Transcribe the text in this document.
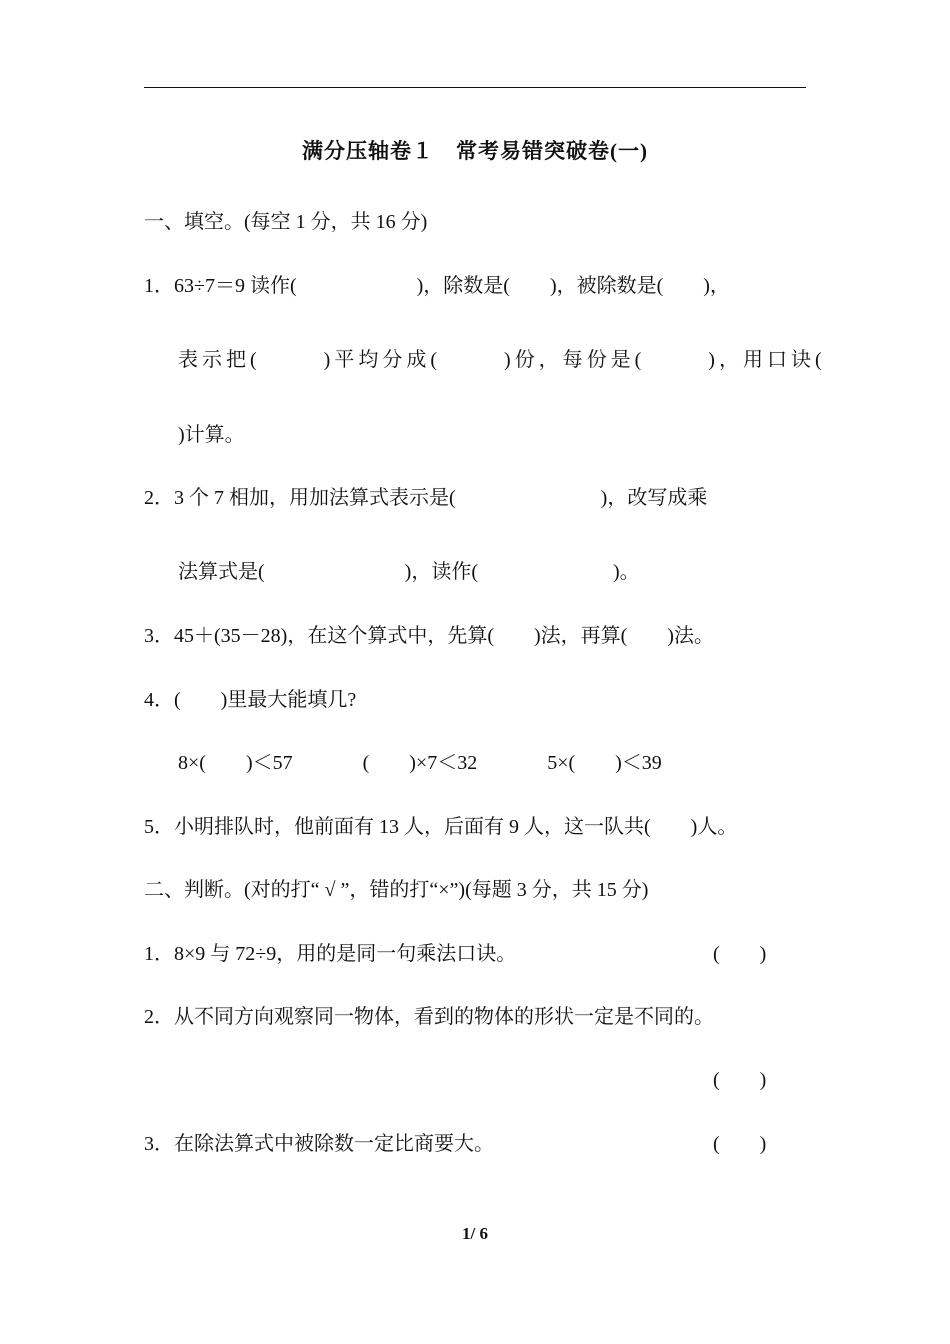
满分压轴卷１　常考易错突破卷(一)
一、填空。(每空 1 分，共 16 分)
1．63÷7＝9 读作(                        )，除数是(        )，被除数是(        )，
表示把(       )平均分成(       )份，每份是(       )，用口诀(
)计算。
2．3 个 7 相加，用加法算式表示是(                             )，改写成乘
法算式是(                            )，读作(                           )。
3．45＋(35－28)，在这个算式中，先算(        )法，再算(        )法。
4．(        )里最大能填几?
8×(        )＜57              (        )×7＜32              5×(        )＜39
5．小明排队时，他前面有 13 人，后面有 9 人，这一队共(        )人。
二、判断。(对的打“ √ ”，错的打“×”)(每题 3 分，共 15 分)
1．8×9 与 72÷9，用的是同一句乘法口诀。	(        )
2．从不同方向观察同一物体，看到的物体的形状一定是不同的。
(        )
3．在除法算式中被除数一定比商要大。	(        )
1/ 6
